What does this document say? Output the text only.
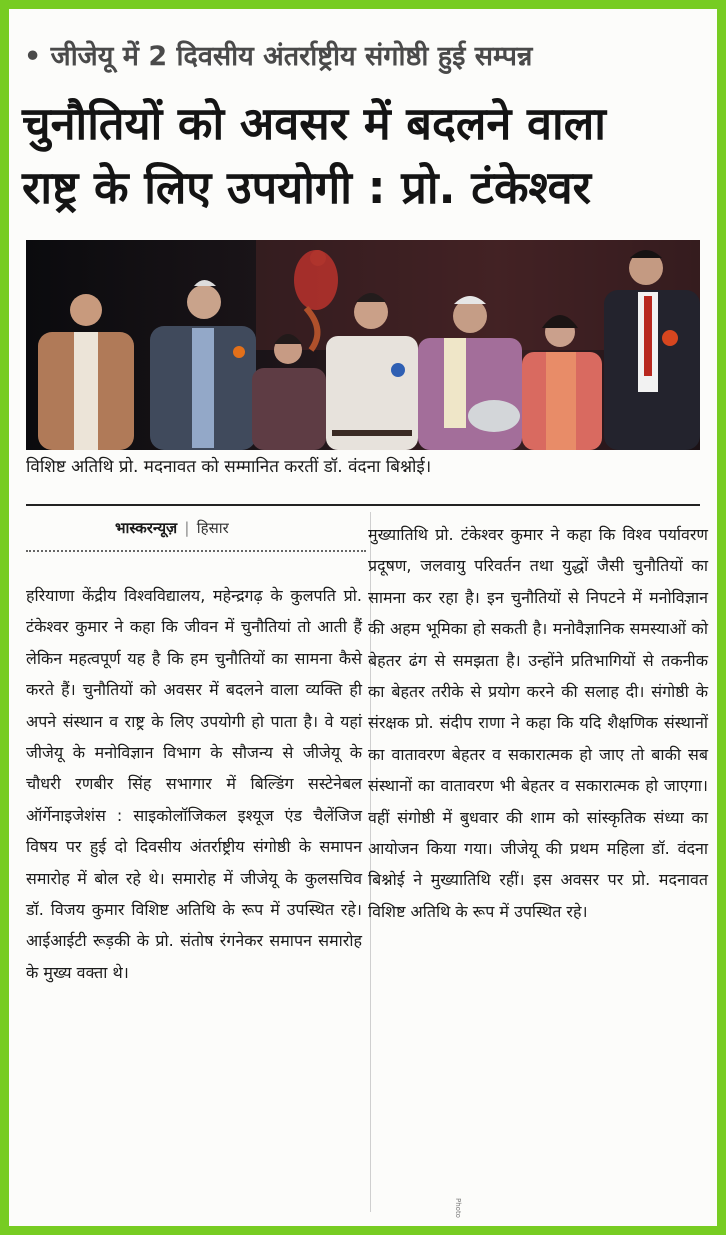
• जीजेयू में 2 दिवसीय अंतर्राष्ट्रीय संगोष्ठी हुई सम्पन्न
चुनौतियों को अवसर में बदलने वाला
राष्ट्र के लिए उपयोगी : प्रो. टंकेश्वर
विशिष्ट अतिथि प्रो. मदनावत को सम्मानित करतीं डॉ. वंदना बिश्नोई।
भास्करन्यूज़ | हिसार

हरियाणा केंद्रीय विश्वविद्यालय, महेन्द्रगढ़ के कुलपति प्रो. टंकेश्वर कुमार ने कहा कि जीवन में चुनौतियां तो आती हैं लेकिन महत्वपूर्ण यह है कि हम चुनौतियों का सामना कैसे करते हैं। चुनौतियों को अवसर में बदलने वाला व्यक्ति ही अपने संस्थान व राष्ट्र के लिए उपयोगी हो पाता है। वे यहां जीजेयू के मनोविज्ञान विभाग के सौजन्य से जीजेयू के चौधरी रणबीर सिंह सभागार में बिल्डिंग सस्टेनेबल ऑर्गेनाइजेशंस : साइकोलॉजिकल इश्यूज एंड चैलेंजिज विषय पर हुई दो दिवसीय अंतर्राष्ट्रीय संगोष्ठी के समापन समारोह में बोल रहे थे। समारोह में जीजेयू के कुलसचिव डॉ. विजय कुमार विशिष्ट अतिथि के रूप में उपस्थित रहे। आईआईटी रूड़की के प्रो. संतोष रंगनेकर समापन समारोह के मुख्य वक्ता थे।

मुख्यातिथि प्रो. टंकेश्वर कुमार ने कहा कि विश्व पर्यावरण प्रदूषण, जलवायु परिवर्तन तथा युद्धों जैसी चुनौतियों का सामना कर रहा है। इन चुनौतियों से निपटने में मनोविज्ञान की अहम भूमिका हो सकती है। मनोवैज्ञानिक समस्याओं को बेहतर ढंग से समझता है। उन्होंने प्रतिभागियों से तकनीक का बेहतर तरीके से प्रयोग करने की सलाह दी। संगोष्ठी के संरक्षक प्रो. संदीप राणा ने कहा कि यदि शैक्षणिक संस्थानों का वातावरण बेहतर व सकारात्मक हो जाए तो बाकी सब संस्थानों का वातावरण भी बेहतर व सकारात्मक हो जाएगा। वहीं संगोष्ठी में बुधवार की शाम को सांस्कृतिक संध्या का आयोजन किया गया। जीजेयू की प्रथम महिला डॉ. वंदना बिश्नोई ने मुख्यातिथि रहीं। इस अवसर पर प्रो. मदनावत विशिष्ट अतिथि के रूप में उपस्थित रहे।

Photo
